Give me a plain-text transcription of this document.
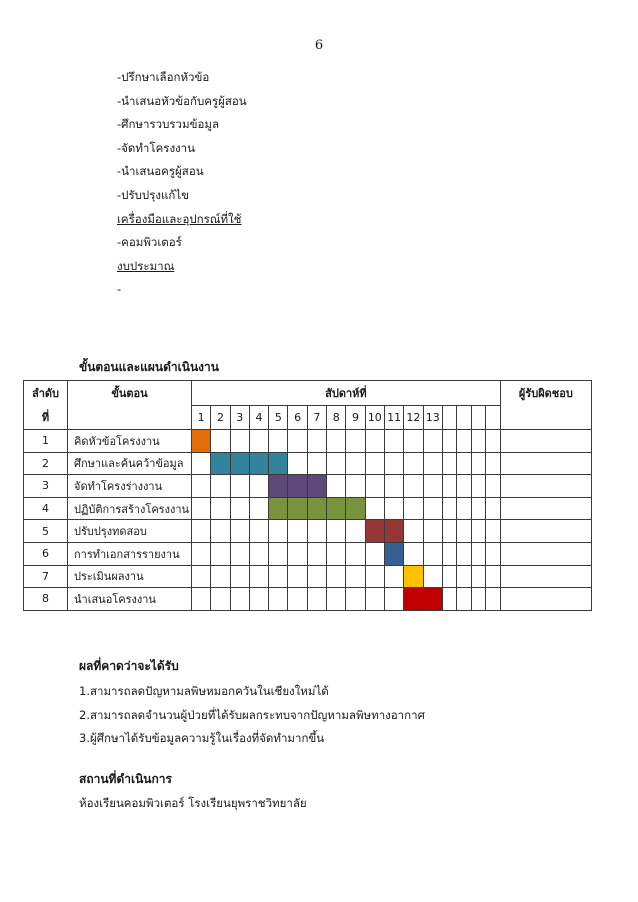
6
-ปรึกษาเลือกหัวข้อ
-นำเสนอหัวข้อกับครูผู้สอน
-ศึกษารวบรวมข้อมูล
-จัดทำโครงงาน
-นำเสนอครูผู้สอน
-ปรับปรุงแก้ไข
เครื่องมือและอุปกรณ์ที่ใช้
-คอมพิวเตอร์
งบประมาณ
-
ขั้นตอนและแผนดำเนินงาน
ลำดับ	ขั้นตอน	สัปดาห์ที่																	ผู้รับผิดชอบ
ที่		1	2	3	4	5	6	7	8	9	10	11	12	13					
1	คิดหัวข้อโครงงาน																		
2	ศึกษาและค้นคว้าข้อมูล																		
3	จัดทำโครงร่างงาน																		
4	ปฏิบัติการสร้างโครงงาน																		
5	ปรับปรุงทดสอบ																		
6	การทำเอกสารรายงาน																		
7	ประเมินผลงาน																		
8	นำเสนอโครงงาน																		
ผลที่คาดว่าจะได้รับ
1.สามารถลดปัญหามลพิษหมอกควันในเชียงใหม่ได้
2.สามารถลดจำนวนผู้ป่วยที่ได้รับผลกระทบจากปัญหามลพิษทางอากาศ
3.ผู้ศึกษาได้รับข้อมูลความรู้ในเรื่องที่จัดทำมากขึ้น
สถานที่ดำเนินการ
ห้องเรียนคอมพิวเตอร์ โรงเรียนยุพราชวิทยาลัย
